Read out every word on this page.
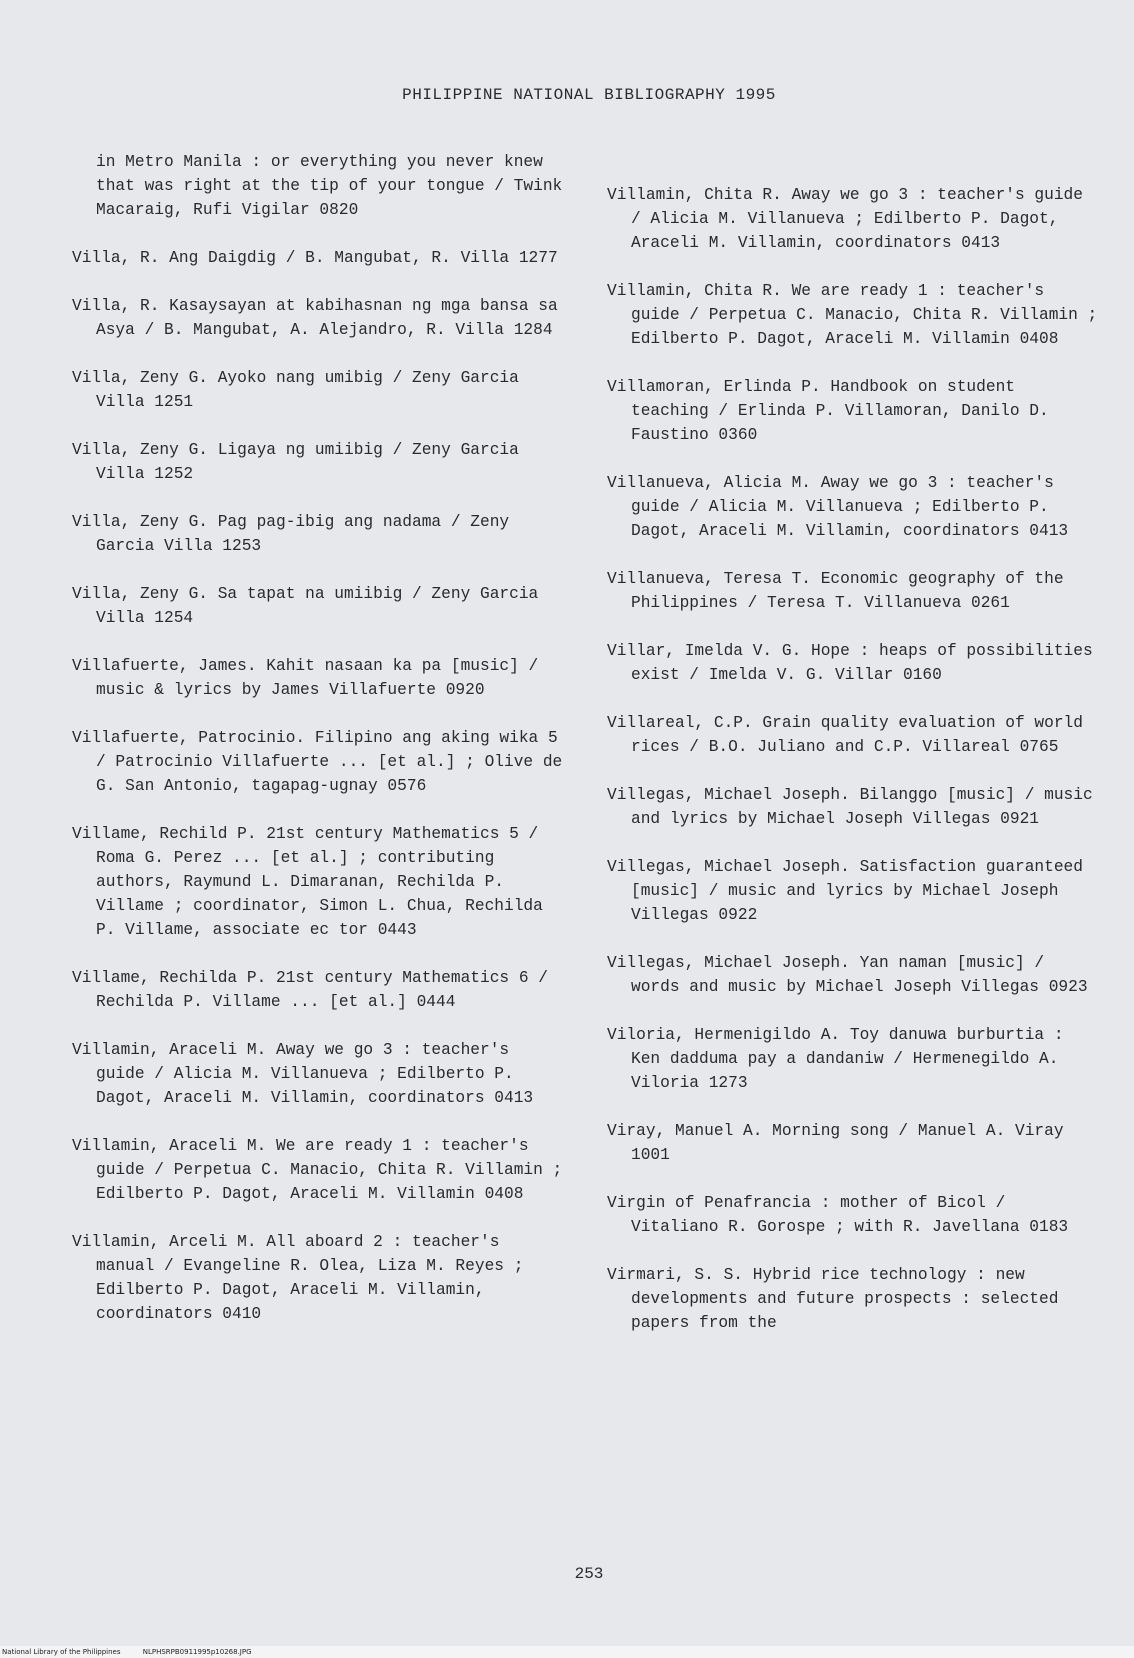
PHILIPPINE NATIONAL BIBLIOGRAPHY 1995

in Metro Manila : or everything you never knew that was right at the tip of your tongue / Twink Macaraig, Rufi Vigilar 0820

Villa, R. Ang Daigdig / B. Mangubat, R. Villa 1277

Villa, R. Kasaysayan at kabihasnan ng mga bansa sa Asya / B. Mangubat, A. Alejandro, R. Villa 1284

Villa, Zeny G. Ayoko nang umibig / Zeny Garcia Villa 1251

Villa, Zeny G. Ligaya ng umiibig / Zeny Garcia Villa 1252

Villa, Zeny G. Pag pag-ibig ang nadama / Zeny Garcia Villa 1253

Villa, Zeny G. Sa tapat na umiibig / Zeny Garcia Villa 1254

Villafuerte, James. Kahit nasaan ka pa [music] / music & lyrics by James Villafuerte 0920

Villafuerte, Patrocinio. Filipino ang aking wika 5 / Patrocinio Villafuerte ... [et al.] ; Olive de G. San Antonio, tagapag-ugnay 0576

Villame, Rechild P. 21st century Mathematics 5 / Roma G. Perez ... [et al.] ; contributing authors, Raymund L. Dimaranan, Rechilda P. Villame ; coordinator, Simon L. Chua, Rechilda P. Villame, associate ec tor 0443

Villame, Rechilda P. 21st century Mathematics 6 / Rechilda P. Villame ... [et al.] 0444

Villamin, Araceli M. Away we go 3 : teacher's guide / Alicia M. Villanueva ; Edilberto P. Dagot, Araceli M. Villamin, coordinators 0413

Villamin, Araceli M. We are ready 1 : teacher's guide / Perpetua C. Manacio, Chita R. Villamin ; Edilberto P. Dagot, Araceli M. Villamin 0408

Villamin, Arceli M. All aboard 2 : teacher's manual / Evangeline R. Olea, Liza M. Reyes ; Edilberto P. Dagot, Araceli M. Villamin, coordinators 0410

Villamin, Chita R. Away we go 3 : teacher's guide / Alicia M. Villanueva ; Edilberto P. Dagot, Araceli M. Villamin, coordinators 0413

Villamin, Chita R. We are ready 1 : teacher's guide / Perpetua C. Manacio, Chita R. Villamin ; Edilberto P. Dagot, Araceli M. Villamin 0408

Villamoran, Erlinda P. Handbook on student teaching / Erlinda P. Villamoran, Danilo D. Faustino 0360

Villanueva, Alicia M. Away we go 3 : teacher's guide / Alicia M. Villanueva ; Edilberto P. Dagot, Araceli M. Villamin, coordinators 0413

Villanueva, Teresa T. Economic geography of the Philippines / Teresa T. Villanueva 0261

Villar, Imelda V. G. Hope : heaps of possibilities exist / Imelda V. G. Villar 0160

Villareal, C.P. Grain quality evaluation of world rices / B.O. Juliano and C.P. Villareal 0765

Villegas, Michael Joseph. Bilanggo [music] / music and lyrics by Michael Joseph Villegas 0921

Villegas, Michael Joseph. Satisfaction guaranteed [music] / music and lyrics by Michael Joseph Villegas 0922

Villegas, Michael Joseph. Yan naman [music] / words and music by Michael Joseph Villegas 0923

Viloria, Hermenigildo A. Toy danuwa burburtia : Ken dadduma pay a dandaniw / Hermenegildo A. Viloria 1273

Viray, Manuel A. Morning song / Manuel A. Viray 1001

Virgin of Penafrancia : mother of Bicol / Vitaliano R. Gorospe ; with R. Javellana 0183

Virmari, S. S. Hybrid rice technology : new developments and future prospects : selected papers from the

253
National Library of the Philippines	NLPHSRPB0911995p10268.JPG
